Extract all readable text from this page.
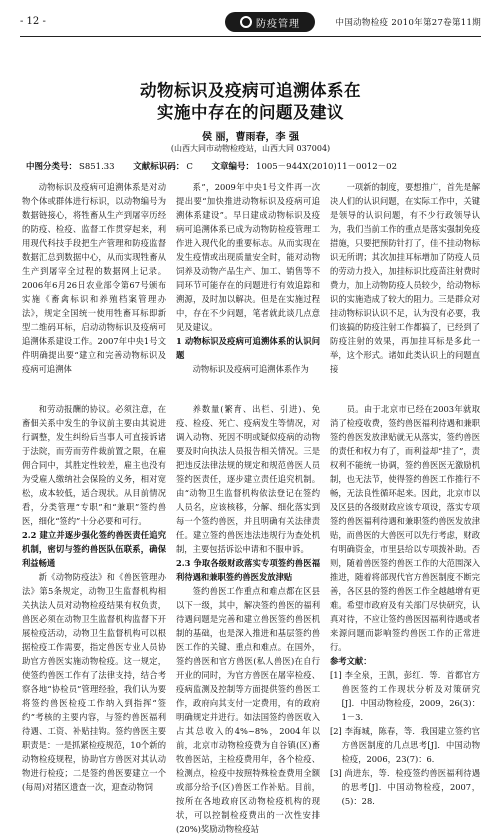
- 12 -	防疫管理	中国动物检疫 2010年第27卷第11期
动物标识及疫病可追溯体系在
实施中存在的问题及建议
侯 丽，曹雨春，李 强
(山西大同市动物检疫站，山西大同 037004)
中图分类号： S851.33 文献标识码： C 文章编号： 1005－944X(2010)11－0012－02

动物标识及疫病可追溯体系是对动物个体或群体进行标识，以动物编号为数据链接心，将牲畜从生产到屠宰历经的防疫、检疫、监督工作贯穿起来，利用现代科技手段把生产管理和防疫监督数据汇总到数据中心，从而实现牲畜从生产到屠宰全过程的数据网上记录。2006年6月26日农业部令第67号颁布实施《畜禽标识和养殖档案管理办法》，规定全国统一使用牲畜耳标即新型二维码耳标，启动动物标识及疫病可追溯体系建设工作。2007年中央1号文件明确提出要“建立和完善动物标识及疫病可追溯体

系”，2009年中央1号文件再一次提出要“加快推进动物标识及疫病可追溯体系建设”。早日建成动物标识及疫病可追溯体系已成为动物防检疫管理工作进入现代化的重要标志。从而实现在发生疫情或出现质量安全时，能对动物饲养及动物产品生产、加工、销售等不同环节可能存在的问题进行有效追踪和溯源，及时加以解决。但是在实施过程中，存在不少问题，笔者就此谈几点意见及建议。

1 动物标识及疫病可追溯体系的认识问题

动物标识及疫病可追溯体系作为

一项新的制度，要想推广，首先是解决人们的认识问题，在实际工作中，关键是领导的认识问题，有不少行政领导认为，我们当前工作的重点是落实强制免疫措施，只要把预防针打了，佳不挂动物标识无所谓；其次加挂耳标增加了防疫人员的劳动力投入，加挂标识比疫苗注射费时费力，加上动物防疫人员较少，给动物标识的实施造成了较大的阻力。三是群众对挂动物标识认识不足，认为没有必要，我们该搞的防疫注射工作都搞了，已经到了防疫注射的效果，再加挂耳标是多此一举，这个形式。诸如此类认识上的问题直接

和劳动报酬的协议。必须注意，在畜佃关系中发生的争议前主要由其说进行调整，发生纠纷后当事人可直接诉诸于法院，而劳而劳件裁前置之限，在雇佣合同中，其胜定性较差，雇主也没有为受雇人缴纳社会保险的义务，相对宽松，成本较低，适合现状。从目前情况看，分类管理“专职”和“兼职”签约兽医，细化“签约”十分必要和可行。

2.2 建立并逐步强化签约兽医责任追究机制，密切与签约兽医队伍联系，确保利益畅通

新《动物防疫法》和《兽医管理办法》第5条规定，动物卫生监督机构相关执法人员对动物检疫结果有权负责，兽医必须在动物卫生监督机构监督下开展检疫活动，动物卫生监督机构可以根据检疫工作需要，指定兽医专业人员协助官方兽医实施动物检疫。这一规定，使签约兽医工作有了法律支持，结合考察各地“协检员”管理经验，我们认为要将签约兽医检疫工作纳入到指挥“签约”考核的主要内容，与签约兽医福利待遇、工资、补贴挂钩。签约兽医主要职责是：一是抓紧检疫规范，10个新的动物检疫规程，协助官方兽医对其认动物进行检疫；二是签约兽医要建立一个(每周)对猪区遗查一次，迎查动物饲

养数量(繁育、出栏、引进)、免疫、检疫、死亡、疫病发生等情况，对调入动物、死因不明或疑似疫病的动物要及时向执法人员报告相关情况。三是把违反法律法规的规定和规范兽医人员签约医责任，逐步建立责任追究机制。由“动物卫生监督机构依法登记在签约人员名，应该核移，分解、细化落实到每一个签约兽医，并且明确有关法律责任。建立签约兽医违法违规行为查处机制，主要包括诉讼申请和不服申诉。

2.3 争取各级财政落实专项签约兽医福利待遇和兼职签约兽医发放津贴

签约兽医工作重点和难点都在区县以下一级，其中，解决签约兽医的福利待遇问题是完善和建立兽医签约兽医机制的基础，也是深入推进和基层签约兽医工作的关键、重点和难点。在国外，签约兽医和官方兽医(私人兽医)在自行开业的同时，为官方兽医在屠宰检疫、疫病监测及控制等方面提供签约兽医工作，政府向其支付一定费用，有的政府明确规定并进行。如法国签约兽医收入占其总收入的4%~8%，2004年以前，北京市动物检疫费为自谷镇(区)畜牧兽医站，主检疫费用年，各个检疫、检测点，检疫中按照特殊检查费用全额或部分给予(区)兽医工作补贴。目前，按所在各地政府区动物检疫机构的现状，可以控制检疫费出的一次性安排(20%)奖励动物检疫站

员。由于北京市已经在2003年就取消了检疫收费，签约兽医福利待遇和兼职签约兽医发放津贴就无从落实，签约兽医的责任和权力有了，而利益却“挂了”，责权利不能统一协调，签约兽医医无激励机制，也无法节，使得签约兽医工作推行不畅，无法良性循环起来。因此，北京市以及区县的各级财政应该专项设，落实专项签约兽医福利待遇和兼职签约兽医发放津贴，而兽医的大兽医可以先行考虑，财政有明确资金，市里县给以专项拨补助。否则，随着兽医签约兽医工作的大范围深入推进，随着将部现代官方兽医制度不断完善，各区县的签约兽医工作全越越增有更难。希望市政府及有关部门尽快研究，认真对待，不应让签约兽医因福利待遇或者来源问题而影响签约兽医工作的正常进行。

参考文献：

[1] 李全泉，王凯，彭红．等．首都官方兽医签约工作现状分析及对策研究[J]．中国动物检疫，2009，26(3)：1－3．

[2] 李海城，陈春，等．我国建立签约官方兽医制度的几点思考[J]．中国动物检疫，2006，23(7)：6．

[3] 尚进东，等．检疫签约兽医福利待遇的思考[J]．中国动物检疫，2007，(5)：28．
